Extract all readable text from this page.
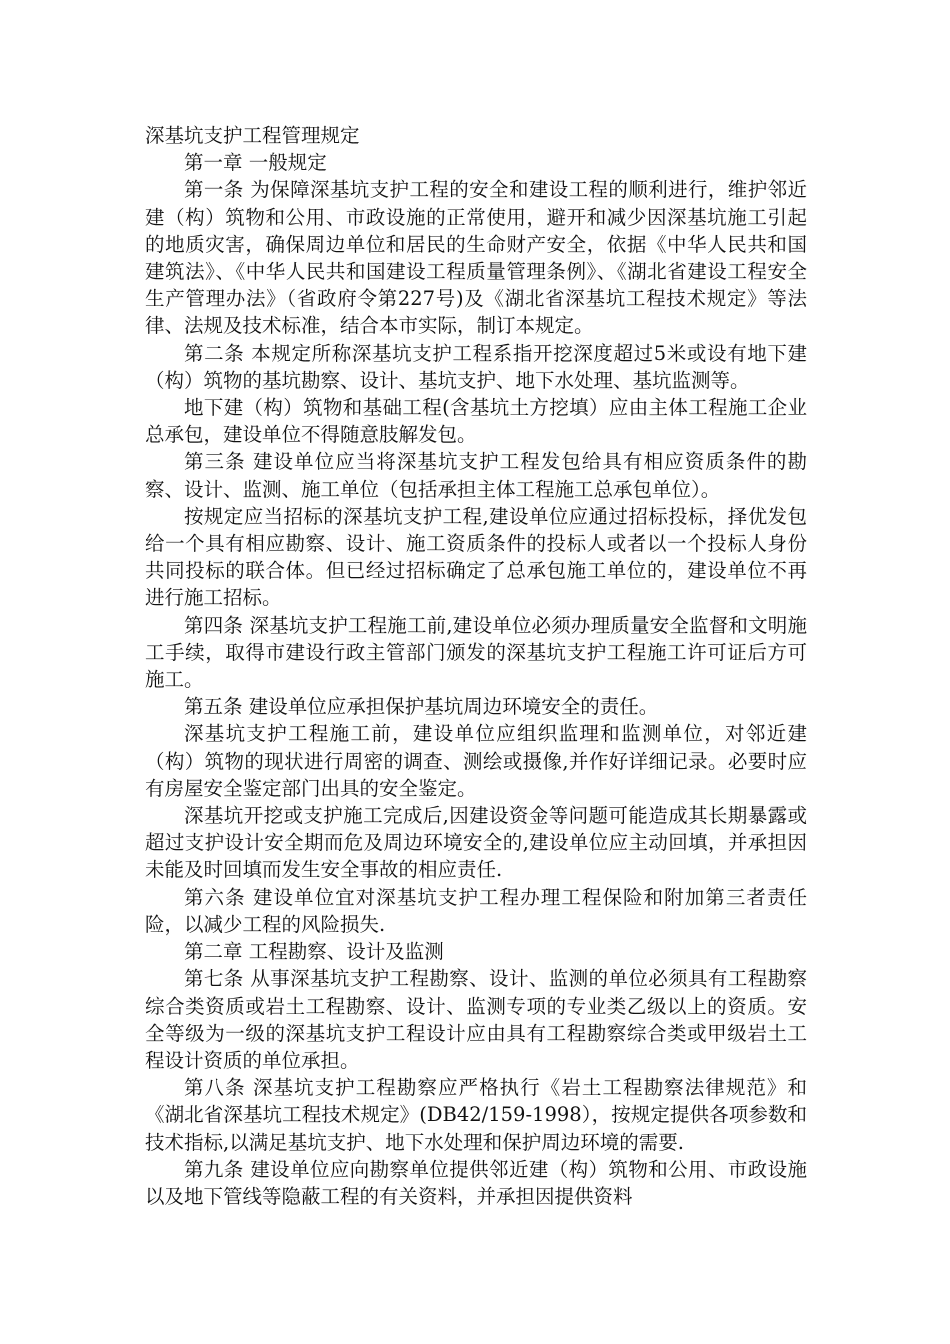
深基坑支护工程管理规定

第一章 一般规定

第一条 为保障深基坑支护工程的安全和建设工程的顺利进行，维护邻近建（构）筑物和公用、市政设施的正常使用，避开和减少因深基坑施工引起的地质灾害，确保周边单位和居民的生命财产安全，依据《中华人民共和国建筑法》、《中华人民共和国建设工程质量管理条例》、《湖北省建设工程安全生产管理办法》（省政府令第227号)及《湖北省深基坑工程技术规定》等法律、法规及技术标准，结合本市实际，制订本规定。

第二条 本规定所称深基坑支护工程系指开挖深度超过5米或设有地下建（构）筑物的基坑勘察、设计、基坑支护、地下水处理、基坑监测等。

地下建（构）筑物和基础工程(含基坑土方挖填）应由主体工程施工企业总承包，建设单位不得随意肢解发包。

第三条 建设单位应当将深基坑支护工程发包给具有相应资质条件的勘察、设计、监测、施工单位（包括承担主体工程施工总承包单位）。

按规定应当招标的深基坑支护工程,建设单位应通过招标投标，择优发包给一个具有相应勘察、设计、施工资质条件的投标人或者以一个投标人身份共同投标的联合体。但已经过招标确定了总承包施工单位的，建设单位不再进行施工招标。

第四条 深基坑支护工程施工前,建设单位必须办理质量安全监督和文明施工手续，取得市建设行政主管部门颁发的深基坑支护工程施工许可证后方可施工。

第五条 建设单位应承担保护基坑周边环境安全的责任。

深基坑支护工程施工前，建设单位应组织监理和监测单位，对邻近建（构）筑物的现状进行周密的调查、测绘或摄像,并作好详细记录。必要时应有房屋安全鉴定部门出具的安全鉴定。

深基坑开挖或支护施工完成后,因建设资金等问题可能造成其长期暴露或超过支护设计安全期而危及周边环境安全的,建设单位应主动回填，并承担因未能及时回填而发生安全事故的相应责任.

第六条 建设单位宜对深基坑支护工程办理工程保险和附加第三者责任险，以减少工程的风险损失.

第二章 工程勘察、设计及监测

第七条 从事深基坑支护工程勘察、设计、监测的单位必须具有工程勘察综合类资质或岩土工程勘察、设计、监测专项的专业类乙级以上的资质。安全等级为一级的深基坑支护工程设计应由具有工程勘察综合类或甲级岩土工程设计资质的单位承担。

第八条 深基坑支护工程勘察应严格执行《岩土工程勘察法律规范》和《湖北省深基坑工程技术规定》(DB42/159-1998），按规定提供各项参数和技术指标,以满足基坑支护、地下水处理和保护周边环境的需要.

第九条 建设单位应向勘察单位提供邻近建（构）筑物和公用、市政设施以及地下管线等隐蔽工程的有关资料，并承担因提供资料
